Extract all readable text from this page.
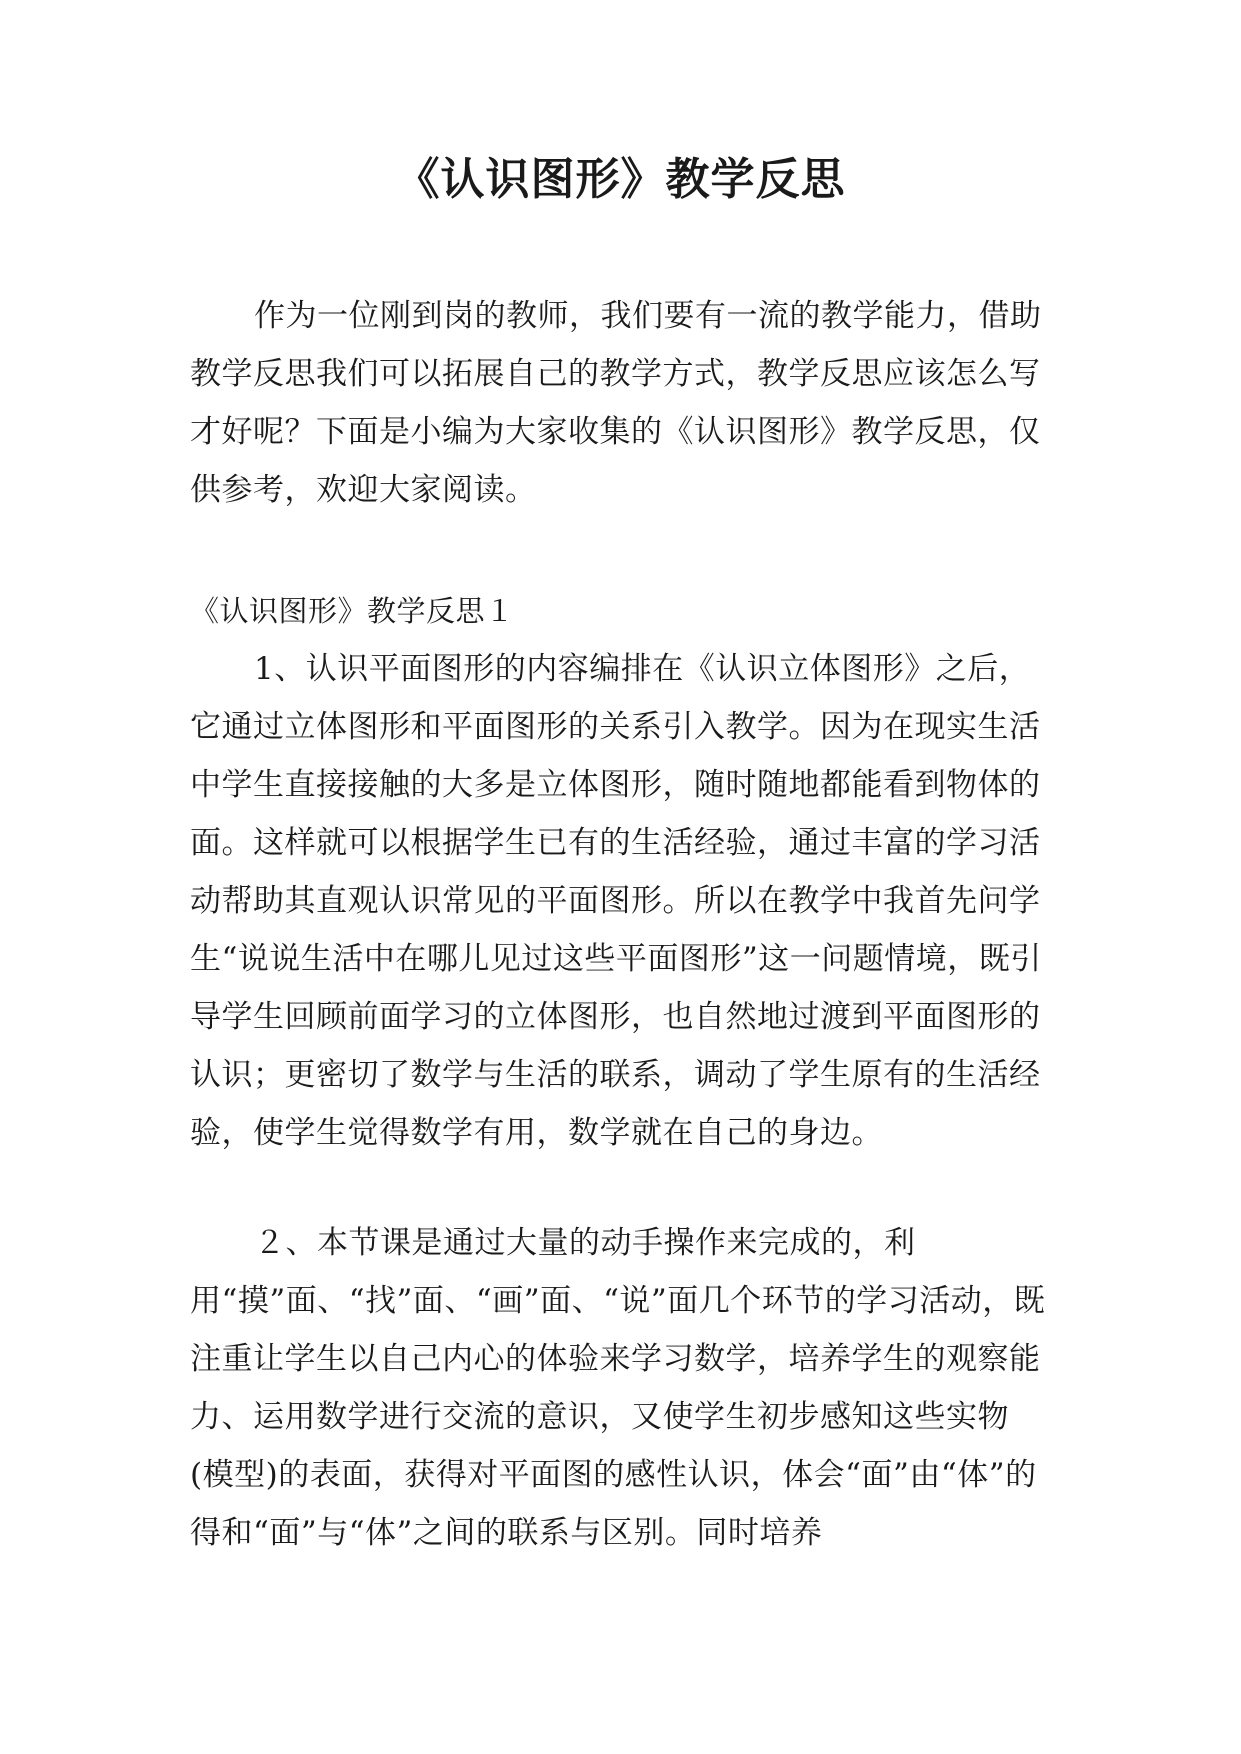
《认识图形》教学反思

作为一位刚到岗的教师，我们要有一流的教学能力，借助教学反思我们可以拓展自己的教学方式，教学反思应该怎么写才好呢？下面是小编为大家收集的《认识图形》教学反思，仅供参考，欢迎大家阅读。

《认识图形》教学反思１

1、认识平面图形的内容编排在《认识立体图形》之后，它通过立体图形和平面图形的关系引入教学。因为在现实生活中学生直接接触的大多是立体图形，随时随地都能看到物体的面。这样就可以根据学生已有的生活经验，通过丰富的学习活动帮助其直观认识常见的平面图形。所以在教学中我首先问学生“说说生活中在哪儿见过这些平面图形”这一问题情境，既引导学生回顾前面学习的立体图形，也自然地过渡到平面图形的认识；更密切了数学与生活的联系，调动了学生原有的生活经验，使学生觉得数学有用，数学就在自己的身边。

２、本节课是通过大量的动手操作来完成的，利用“摸”面、“找”面、“画”面、“说”面几个环节的学习活动，既注重让学生以自己内心的体验来学习数学，培养学生的观察能力、运用数学进行交流的意识，又使学生初步感知这些实物(模型)的表面，获得对平面图的感性认识，体会“面”由“体”的得和“面”与“体”之间的联系与区别。同时培养
